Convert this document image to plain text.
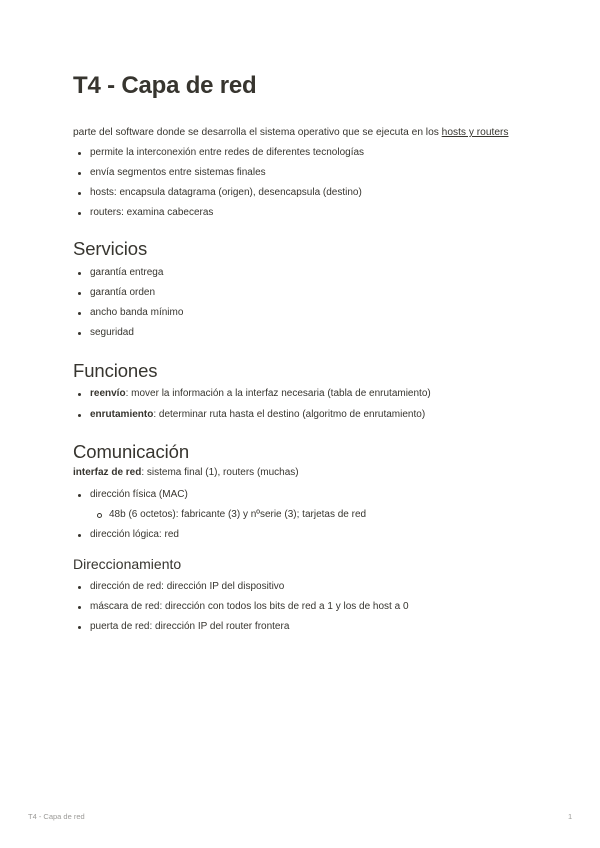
T4 - Capa de red

parte del software donde se desarrolla el sistema operativo que se ejecuta en los hosts y routers

permite la interconexión entre redes de diferentes tecnologías
envía segmentos entre sistemas finales
hosts: encapsula datagrama (origen), desencapsula (destino)
routers: examina cabeceras
Servicios
garantía entrega
garantía orden
ancho banda mínimo
seguridad
Funciones
reenvío: mover la información a la interfaz necesaria (tabla de enrutamiento)
enrutamiento: determinar ruta hasta el destino (algoritmo de enrutamiento)
Comunicación

interfaz de red: sistema final (1), routers (muchas)

dirección física (MAC)
48b (6 octetos): fabricante (3) y nºserie (3); tarjetas de red
dirección lógica: red
Direccionamiento
dirección de red: dirección IP del dispositivo
máscara de red: dirección con todos los bits de red a 1 y los de host a 0
puerta de red: dirección IP del router frontera
T4 - Capa de red	1
